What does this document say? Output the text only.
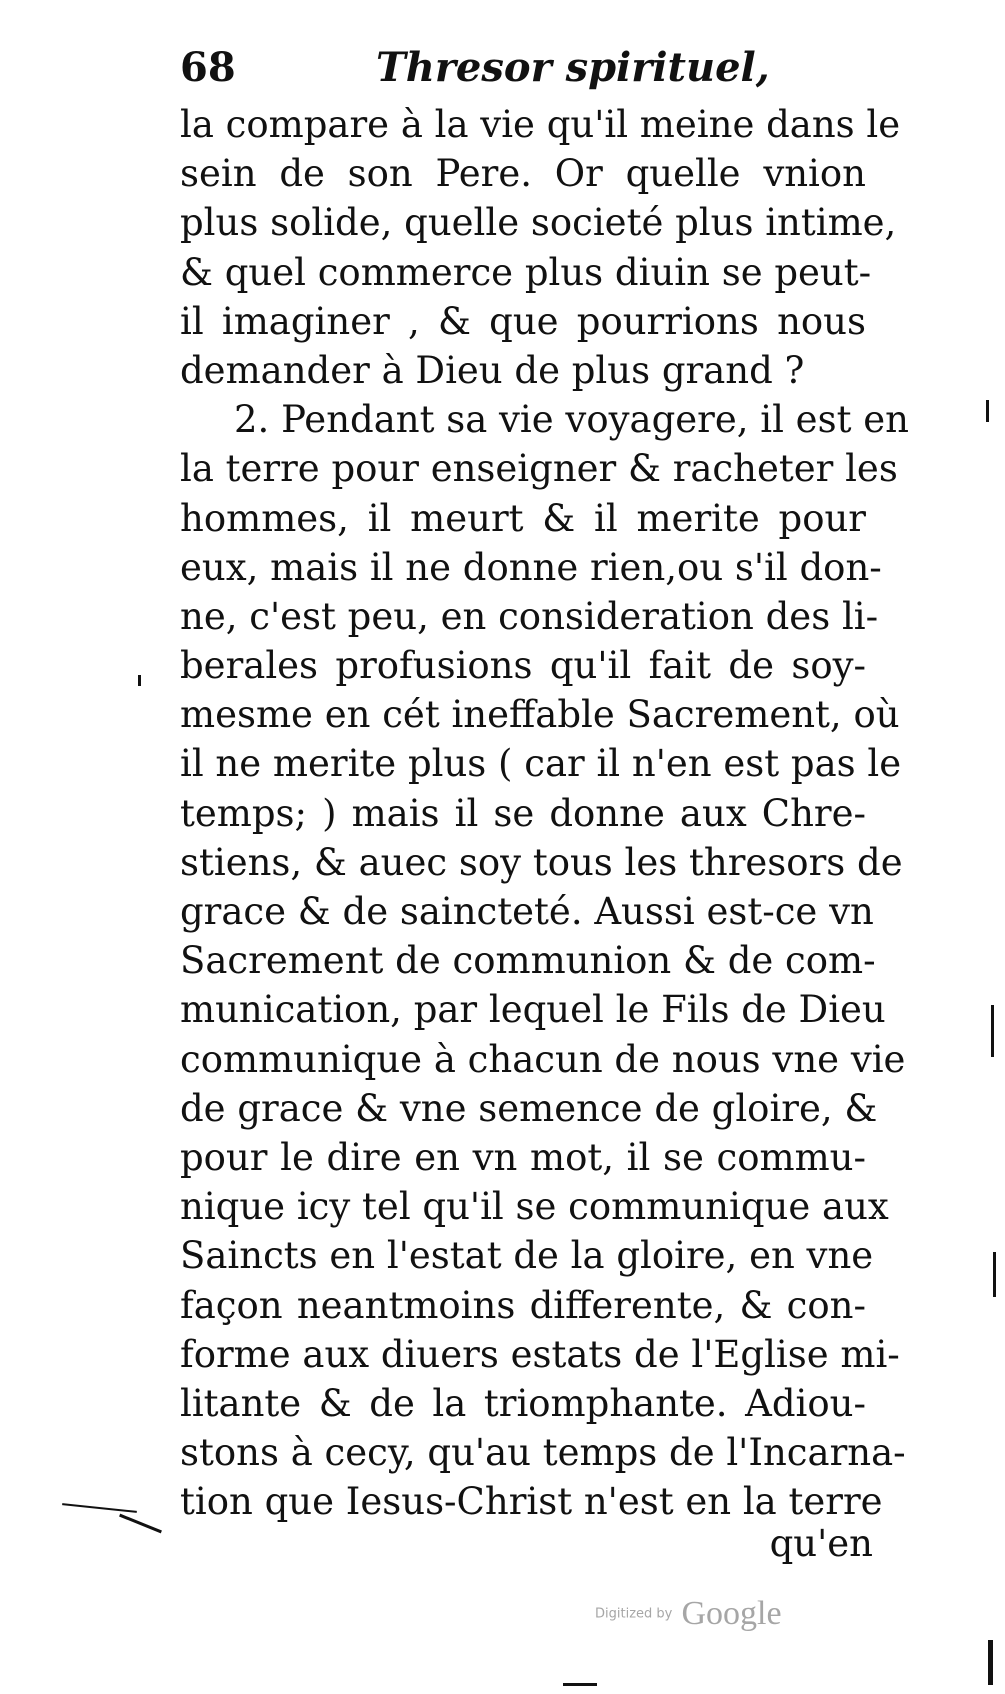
68	Thresor spirituel,
la compare à la vie qu'il meine dans le
sein de son Pere. Or quelle vnion
plus solide, quelle societé plus intime,
& quel commerce plus diuin se peut-
il imaginer , & que pourrions nous
demander à Dieu de plus grand ?
2. Pendant sa vie voyagere, il est en
la terre pour enseigner & racheter les
hommes, il meurt & il merite pour
eux, mais il ne donne rien,ou s'il don-
ne, c'est peu, en consideration des li-
berales profusions qu'il fait de soy-
mesme en cét ineffable Sacrement, où
il ne merite plus ( car il n'en est pas le
temps; ) mais il se donne aux Chre-
stiens, & auec soy tous les thresors de
grace & de saincteté. Aussi est-ce vn
Sacrement de communion & de com-
munication, par lequel le Fils de Dieu
communique à chacun de nous vne vie
de grace & vne semence de gloire, &
pour le dire en vn mot, il se commu-
nique icy tel qu'il se communique aux
Saincts en l'estat de la gloire, en vne
façon neantmoins differente, & con-
forme aux diuers estats de l'Eglise mi-
litante & de la triomphante. Adiou-
stons à cecy, qu'au temps de l'Incarna-
tion que Iesus-Christ n'est en la terre
qu'en
Digitized by Google
